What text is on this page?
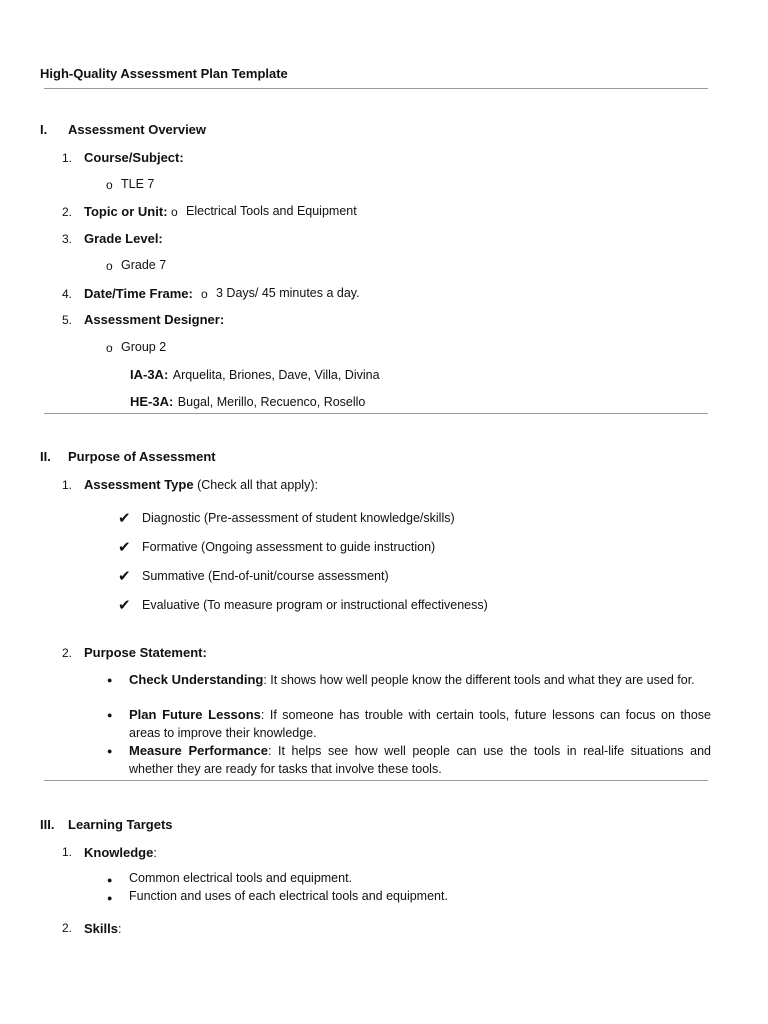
High-Quality Assessment Plan Template
I. Assessment Overview
1. Course/Subject:
o TLE 7
2. Topic or Unit: o Electrical Tools and Equipment
3. Grade Level:
o Grade 7
4. Date/Time Frame: o 3 Days/ 45 minutes a day.
5. Assessment Designer:
o Group 2
IA-3A: Arquelita, Briones, Dave, Villa, Divina
HE-3A: Bugal, Merillo, Recuenco, Rosello
II. Purpose of Assessment
1. Assessment Type (Check all that apply):
✔ Diagnostic (Pre-assessment of student knowledge/skills)
✔ Formative (Ongoing assessment to guide instruction)
✔ Summative (End-of-unit/course assessment)
✔ Evaluative (To measure program or instructional effectiveness)
2. Purpose Statement:
● Check Understanding: It shows how well people know the different tools and what they are used for.
● Plan Future Lessons: If someone has trouble with certain tools, future lessons can focus on those areas to improve their knowledge.
● Measure Performance: It helps see how well people can use the tools in real-life situations and whether they are ready for tasks that involve these tools.
III. Learning Targets
1. Knowledge:
● Common electrical tools and equipment.
● Function and uses of each electrical tools and equipment.
2. Skills:
